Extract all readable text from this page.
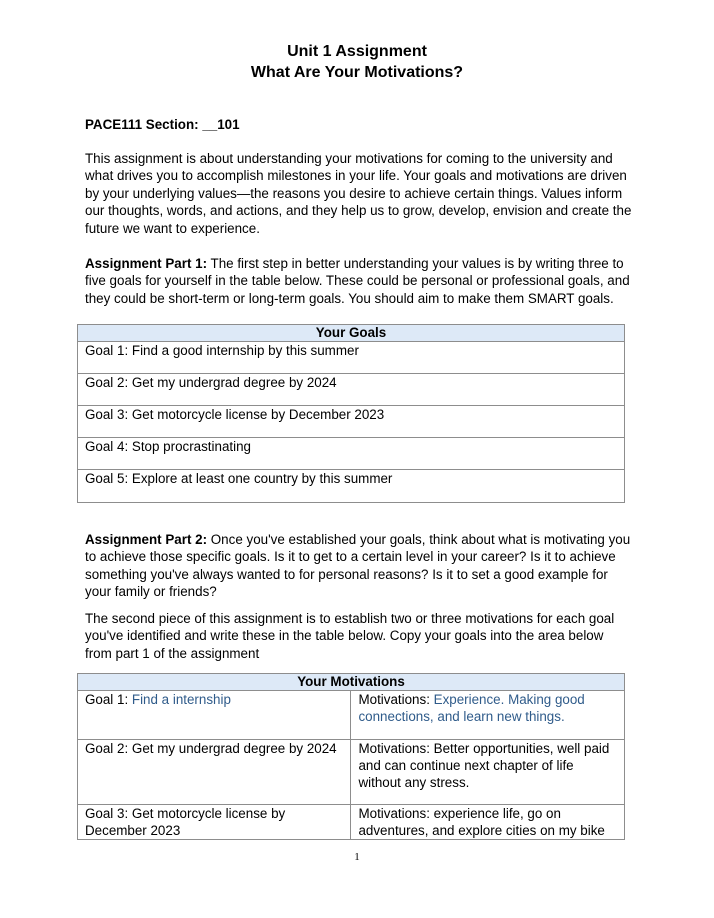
Unit 1 Assignment
What Are Your Motivations?
PACE111 Section: __101
This assignment is about understanding your motivations for coming to the university and what drives you to accomplish milestones in your life. Your goals and motivations are driven by your underlying values—the reasons you desire to achieve certain things. Values inform our thoughts, words, and actions, and they help us to grow, develop, envision and create the future we want to experience.
Assignment Part 1: The first step in better understanding your values is by writing three to five goals for yourself in the table below. These could be personal or professional goals, and they could be short-term or long-term goals. You should aim to make them SMART goals.
Your Goals
Goal 1: Find a good internship by this summer
Goal 2: Get my undergrad degree by 2024
Goal 3: Get motorcycle license by December 2023
Goal 4: Stop procrastinating
Goal 5: Explore at least one country by this summer
Assignment Part 2: Once you've established your goals, think about what is motivating you to achieve those specific goals. Is it to get to a certain level in your career? Is it to achieve something you've always wanted to for personal reasons? Is it to set a good example for your family or friends?
The second piece of this assignment is to establish two or three motivations for each goal you've identified and write these in the table below. Copy your goals into the area below from part 1 of the assignment
Your Motivations	
Goal 1: Find a internship	Motivations: Experience. Making good connections, and learn new things.
Goal 2: Get my undergrad degree by 2024	Motivations: Better opportunities, well paid and can continue next chapter of life without any stress.
Goal 3: Get motorcycle license by December 2023	Motivations: experience life, go on adventures, and explore cities on my bike
1
